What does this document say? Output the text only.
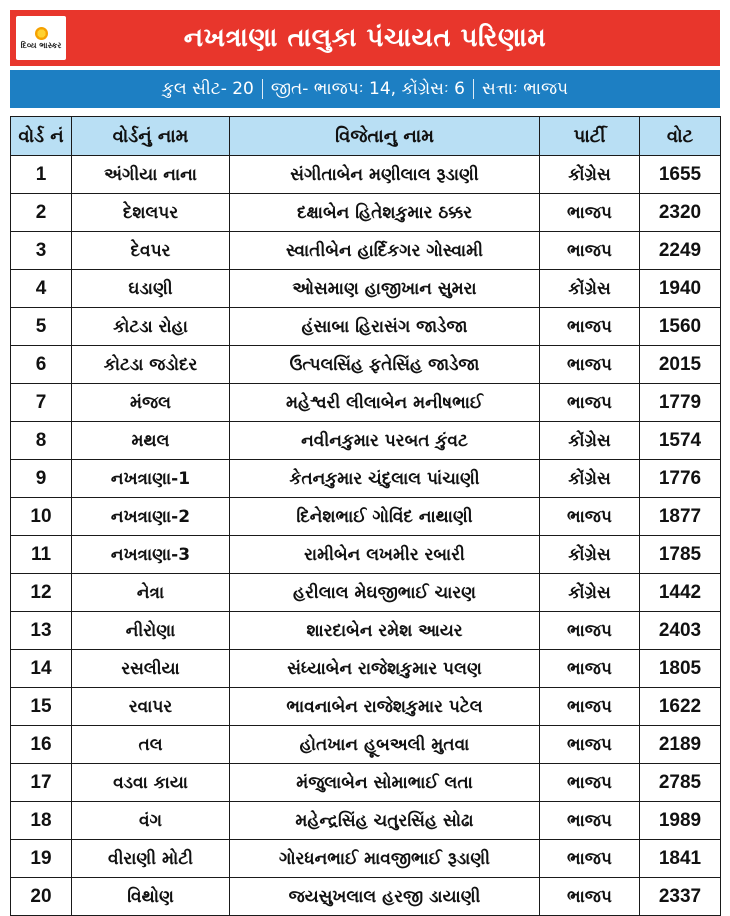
દિવ્ય ભાસ્કર	નખત્રાણા તાલુકા પંચાયત પરિણામ
કુલ સીટ- 20 જીત- ભાજપઃ 14, કોંગ્રેસઃ 6 સત્તાઃ ભાજપ
વોર્ડ નં	વોર્ડનું નામ	વિજેતાનુ નામ	પાર્ટી	વોટ
1	અંગીયા નાના	સંગીતાબેન મણીલાલ રૂડાણી	કોંગ્રેસ	1655
2	દેશલપર	દક્ષાબેન હિતેશકુમાર ઠક્કર	ભાજપ	2320
3	દેવપર	સ્વાતીબેન હાર્દિકગર ગોસ્વામી	ભાજપ	2249
4	ઘડાણી	ઓસમાણ હાજીખાન સુમરા	કોંગ્રેસ	1940
5	કોટડા રોહા	હંસાબા હિરાસંગ જાડેજા	ભાજપ	1560
6	કોટડા જડોદર	ઉત્પલસિંહ ફતેસિંહ જાડેજા	ભાજપ	2015
7	મંજલ	મહેશ્વરી લીલાબેન મનીષભાઈ	ભાજપ	1779
8	મથલ	નવીનકુમાર પરબત કુંવટ	કોંગ્રેસ	1574
9	નખત્રાણા-1	કેતનકુમાર ચંદુલાલ પાંચાણી	કોંગ્રેસ	1776
10	નખત્રાણા-2	દિનેશભાઈ ગોવિંદ નાથાણી	ભાજપ	1877
11	નખત્રાણા-3	રામીબેન લખમીર રબારી	કોંગ્રેસ	1785
12	નેત્રા	હરીલાલ મેઘજીભાઈ ચારણ	કોંગ્રેસ	1442
13	નીરોણા	શારદાબેન રમેશ આયર	ભાજપ	2403
14	રસલીયા	સંધ્યાબેન રાજેશકુમાર પલણ	ભાજપ	1805
15	રવાપર	ભાવનાબેન રાજેશકુમાર પટેલ	ભાજપ	1622
16	તલ	હોતખાન હૂબઅલી મુતવા	ભાજપ	2189
17	વડવા કાયા	મંજુલાબેન સોમાભાઈ લતા	ભાજપ	2785
18	વંગ	મહેન્દ્રસિંહ ચતુરસિંહ સોઢા	ભાજપ	1989
19	વીરાણી મોટી	ગોરધનભાઈ માવજીભાઈ રૂડાણી	ભાજપ	1841
20	વિથોણ	જયસુખલાલ હરજી ડાયાણી	ભાજપ	2337
